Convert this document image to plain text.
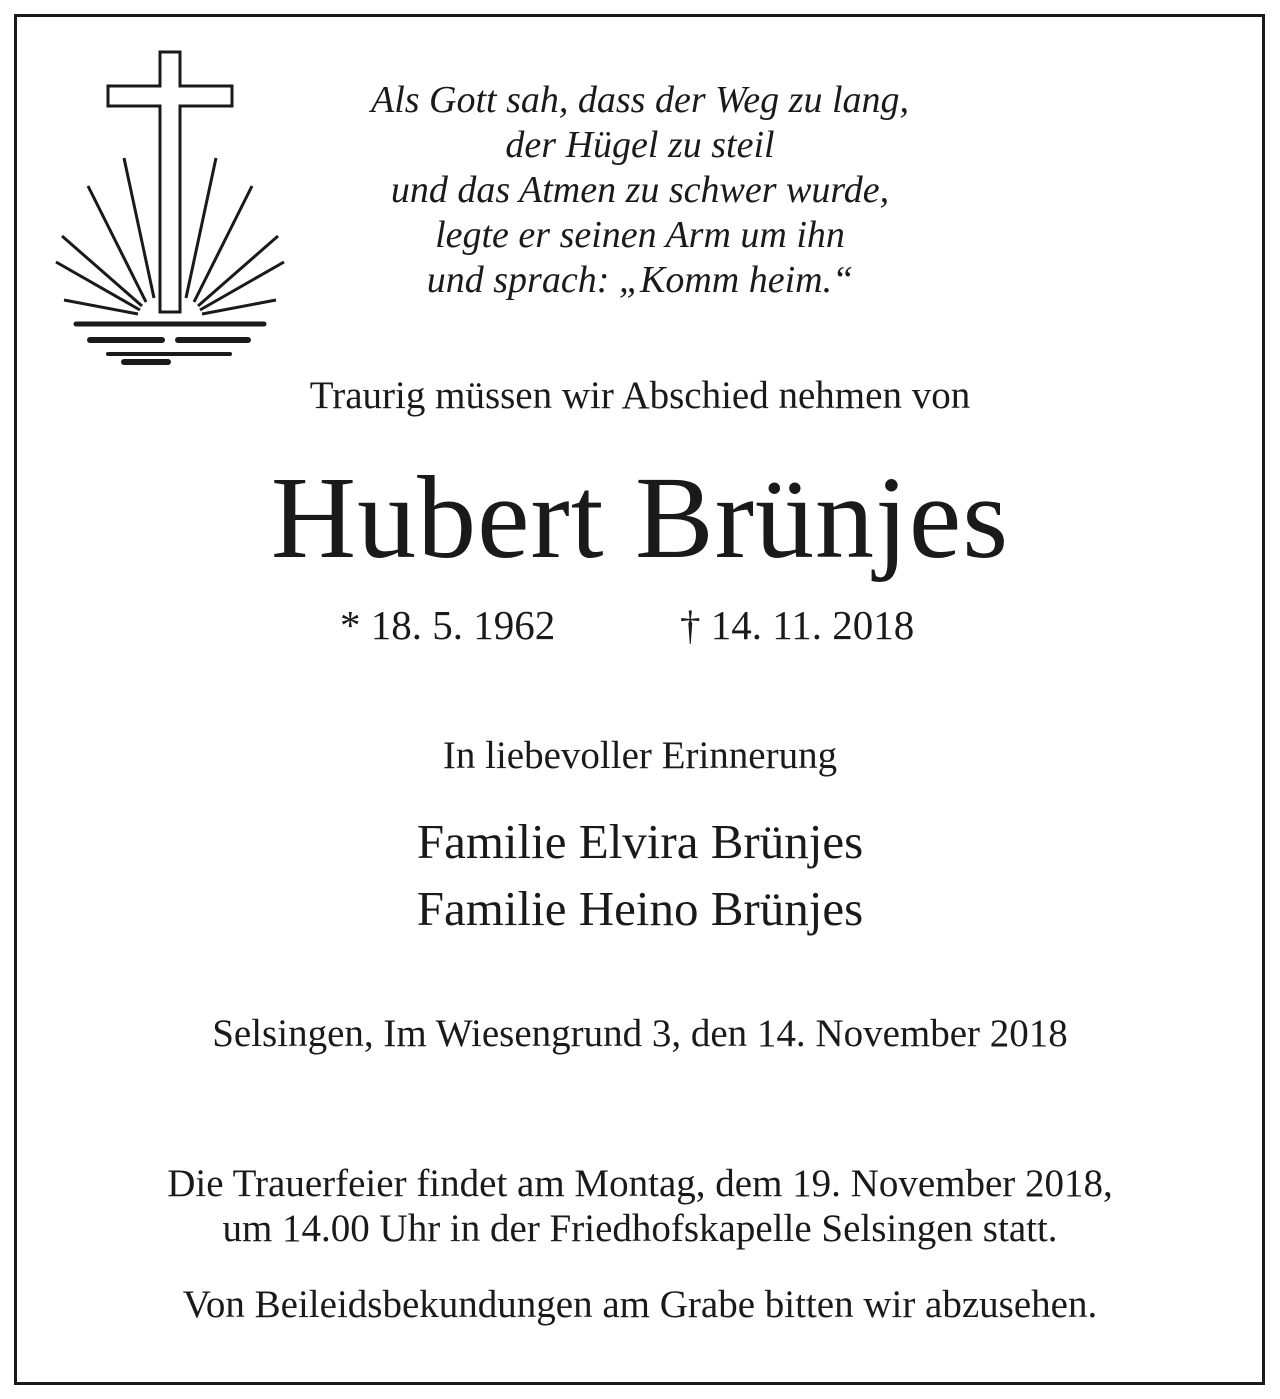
Als Gott sah, dass der Weg zu lang,
der Hügel zu steil
und das Atmen zu schwer wurde,
legte er seinen Arm um ihn
und sprach: „Komm heim.“
Traurig müssen wir Abschied nehmen von
Hubert Brünjes
* 18. 5. 1962	† 14. 11. 2018
In liebevoller Erinnerung
Familie Elvira Brünjes
Familie Heino Brünjes
Selsingen, Im Wiesengrund 3, den 14. November 2018
Die Trauerfeier findet am Montag, dem 19. November 2018,
um 14.00 Uhr in der Friedhofskapelle Selsingen statt.
Von Beileidsbekundungen am Grabe bitten wir abzusehen.
